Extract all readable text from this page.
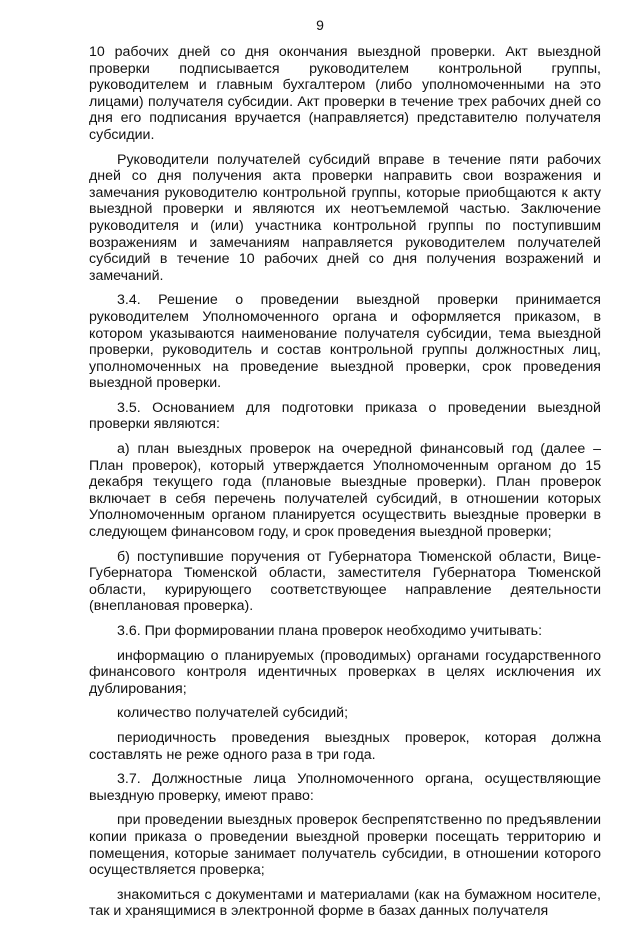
9

10 рабочих дней со дня окончания выездной проверки. Акт выездной проверки подписывается руководителем контрольной группы, руководителем и главным бухгалтером (либо уполномоченными на это лицами) получателя субсидии. Акт проверки в течение трех рабочих дней со дня его подписания вручается (направляется) представителю получателя субсидии.

Руководители получателей субсидий вправе в течение пяти рабочих дней со дня получения акта проверки направить свои возражения и замечания руководителю контрольной группы, которые приобщаются к акту выездной проверки и являются их неотъемлемой частью. Заключение руководителя и (или) участника контрольной группы по поступившим возражениям и замечаниям направляется руководителем получателей субсидий в течение 10 рабочих дней со дня получения возражений и замечаний.

3.4. Решение о проведении выездной проверки принимается руководителем Уполномоченного органа и оформляется приказом, в котором указываются наименование получателя субсидии, тема выездной проверки, руководитель и состав контрольной группы должностных лиц, уполномоченных на проведение выездной проверки, срок проведения выездной проверки.

3.5. Основанием для подготовки приказа о проведении выездной проверки являются:

а) план выездных проверок на очередной финансовый год (далее – План проверок), который утверждается Уполномоченным органом до 15 декабря текущего года (плановые выездные проверки). План проверок включает в себя перечень получателей субсидий, в отношении которых Уполномоченным органом планируется осуществить выездные проверки в следующем финансовом году, и срок проведения выездной проверки;

б) поступившие поручения от Губернатора Тюменской области, Вице-Губернатора Тюменской области, заместителя Губернатора Тюменской области, курирующего соответствующее направление деятельности (внеплановая проверка).

3.6. При формировании плана проверок необходимо учитывать:

информацию о планируемых (проводимых) органами государственного финансового контроля идентичных проверках в целях исключения их дублирования;

количество получателей субсидий;

периодичность проведения выездных проверок, которая должна составлять не реже одного раза в три года.

3.7. Должностные лица Уполномоченного органа, осуществляющие выездную проверку, имеют право:

при проведении выездных проверок беспрепятственно по предъявлении копии приказа о проведении выездной проверки посещать территорию и помещения, которые занимает получатель субсидии, в отношении которого осуществляется проверка;

знакомиться с документами и материалами (как на бумажном носителе, так и хранящимися в электронной форме в базах данных получателя
